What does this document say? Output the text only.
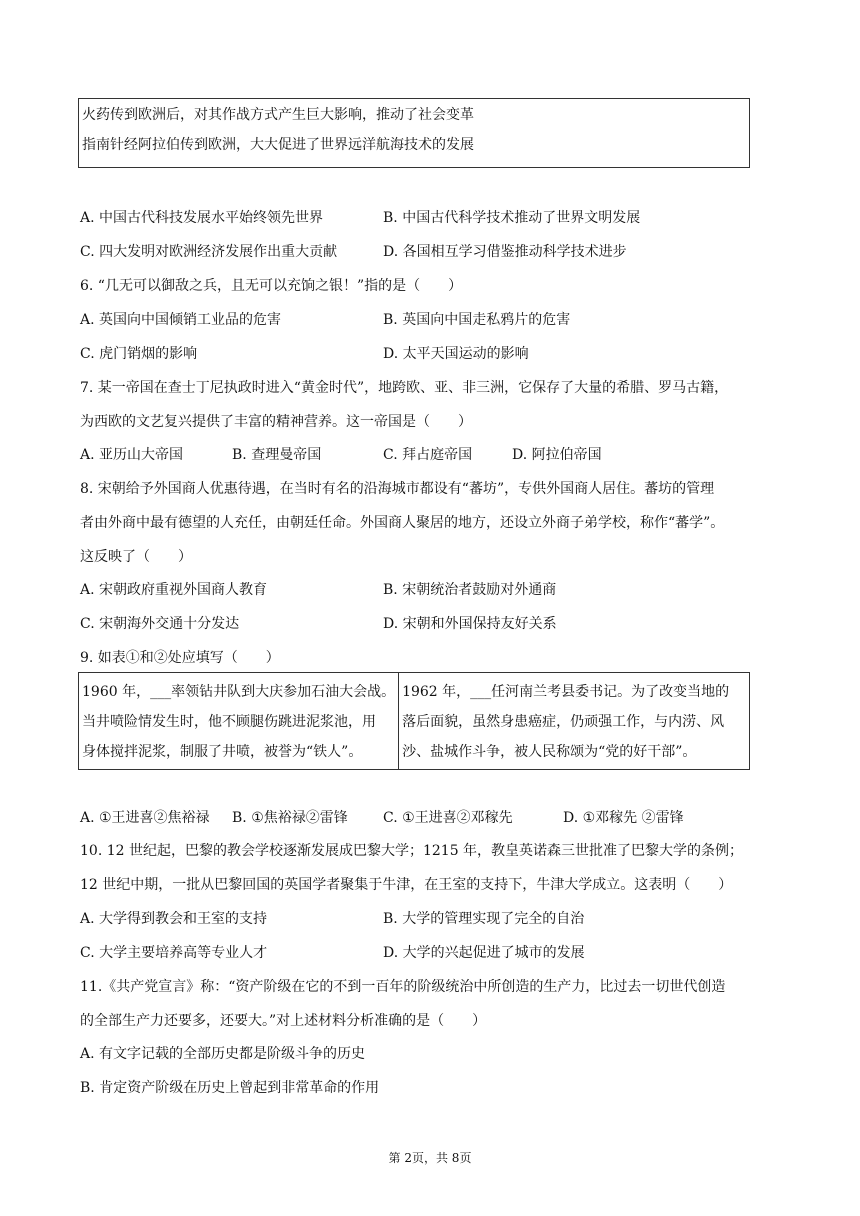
火药传到欧洲后，对其作战方式产生巨大影响，推动了社会变革
指南针经阿拉伯传到欧洲，大大促进了世界远洋航海技术的发展
A. 中国古代科技发展水平始终领先世界	B. 中国古代科学技术推动了世界文明发展
C. 四大发明对欧洲经济发展作出重大贡献	D. 各国相互学习借鉴推动科学技术进步
6. “几无可以御敌之兵，且无可以充饷之银！”指的是（　　）
A. 英国向中国倾销工业品的危害	B. 英国向中国走私鸦片的危害
C. 虎门销烟的影响	D. 太平天国运动的影响
7. 某一帝国在查士丁尼执政时进入“黄金时代”，地跨欧、亚、非三洲，它保存了大量的希腊、罗马古籍，
为西欧的文艺复兴提供了丰富的精神营养。这一帝国是（　　）
A. 亚历山大帝国	B. 查理曼帝国	C. 拜占庭帝国	D. 阿拉伯帝国
8. 宋朝给予外国商人优惠待遇，在当时有名的沿海城市都设有“蕃坊”，专供外国商人居住。蕃坊的管理
者由外商中最有德望的人充任，由朝廷任命。外国商人聚居的地方，还设立外商子弟学校，称作“蕃学”。
这反映了（　　）
A. 宋朝政府重视外国商人教育	B. 宋朝统治者鼓励对外通商
C. 宋朝海外交通十分发达	D. 宋朝和外国保持友好关系
9. 如表①和②处应填写（　　）
1960 年，___率领钻井队到大庆参加石油大会战。
当井喷险情发生时，他不顾腿伤跳进泥浆池，用
身体搅拌泥浆，制服了井喷，被誉为“铁人”。

1962 年，___任河南兰考县委书记。为了改变当地的
落后面貌，虽然身患癌症，仍顽强工作，与内涝、风
沙、盐城作斗争，被人民称颂为“党的好干部”。
A. ①王进喜②焦裕禄 B. ①焦裕禄②雷锋	C. ①王进喜②邓稼先	D. ①邓稼先 ②雷锋
10. 12 世纪起，巴黎的教会学校逐渐发展成巴黎大学；1215 年，教皇英诺森三世批准了巴黎大学的条例；
12 世纪中期，一批从巴黎回国的英国学者聚集于牛津，在王室的支持下，牛津大学成立。这表明（　　）
A. 大学得到教会和王室的支持	B. 大学的管理实现了完全的自治
C. 大学主要培养高等专业人才	D. 大学的兴起促进了城市的发展
11.《共产党宣言》称：“资产阶级在它的不到一百年的阶级统治中所创造的生产力，比过去一切世代创造
的全部生产力还要多，还要大。”对上述材料分析准确的是（　　）
A. 有文字记载的全部历史都是阶级斗争的历史
B. 肯定资产阶级在历史上曾起到非常革命的作用
第 2页，共 8页
